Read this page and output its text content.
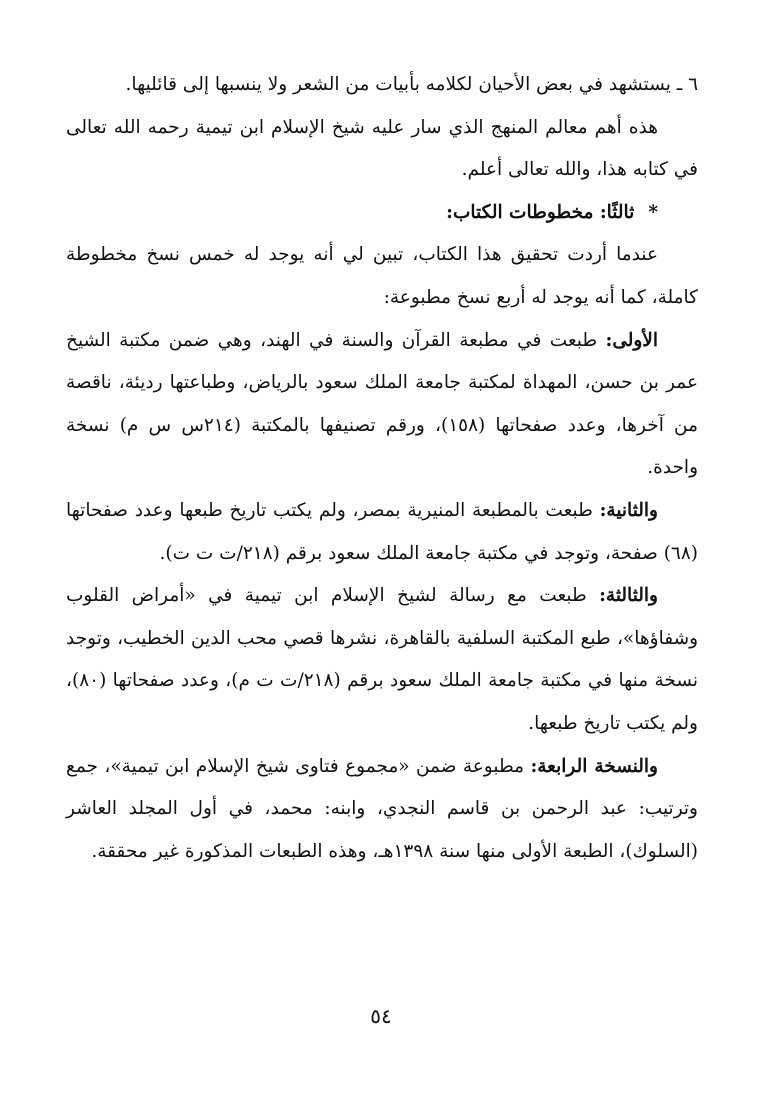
٦ ـ يستشهد في بعض الأحيان لكلامه بأبيات من الشعر ولا ينسبها إلى قائليها.

هذه أهم معالم المنهج الذي سار عليه شيخ الإسلام ابن تيمية رحمه الله تعالى في كتابه هذا، والله تعالى أعلم.

*ثالثًا: مخطوطات الكتاب:

عندما أردت تحقيق هذا الكتاب، تبين لي أنه يوجد له خمس نسخ مخطوطة كاملة، كما أنه يوجد له أربع نسخ مطبوعة:

الأولى: طبعت في مطبعة القرآن والسنة في الهند، وهي ضمن مكتبة الشيخ عمر بن حسن، المهداة لمكتبة جامعة الملك سعود بالرياض، وطباعتها رديئة، ناقصة من آخرها، وعدد صفحاتها (١٥٨)، ورقم تصنيفها بالمكتبة (٢١٤س س م) نسخة واحدة.

والثانية: طبعت بالمطبعة المنيرية بمصر، ولم يكتب تاريخ طبعها وعدد صفحاتها (٦٨) صفحة، وتوجد في مكتبة جامعة الملك سعود برقم (٢١٨/ت ت ت).

والثالثة: طبعت مع رسالة لشيخ الإسلام ابن تيمية في «أمراض القلوب وشفاؤها»، طبع المكتبة السلفية بالقاهرة، نشرها قصي محب الدين الخطيب، وتوجد نسخة منها في مكتبة جامعة الملك سعود برقم (٢١٨/ت ت م)، وعدد صفحاتها (٨٠)، ولم يكتب تاريخ طبعها.

والنسخة الرابعة: مطبوعة ضمن «مجموع فتاوى شيخ الإسلام ابن تيمية»، جمع وترتيب: عبد الرحمن بن قاسم النجدي، وابنه: محمد، في أول المجلد العاشر (السلوك)، الطبعة الأولى منها سنة ١٣٩٨هـ، وهذه الطبعات المذكورة غير محققة.

٥٤
